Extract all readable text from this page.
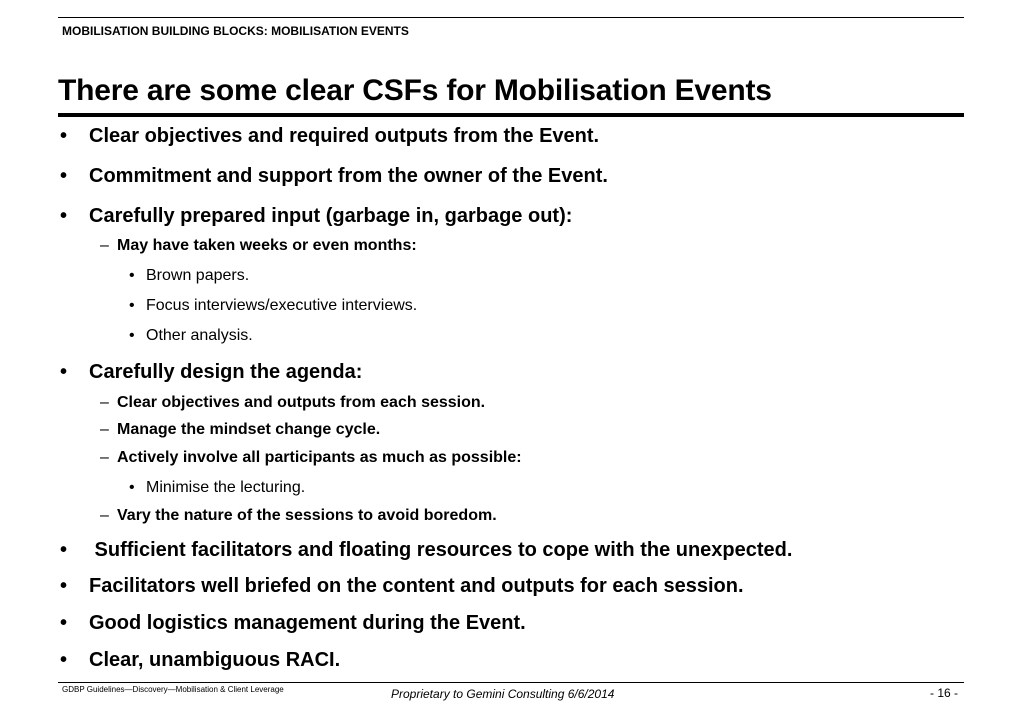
MOBILISATION BUILDING BLOCKS: MOBILISATION EVENTS
There are some clear CSFs for Mobilisation Events
• Clear objectives and required outputs from the Event.
• Commitment and support from the owner of the Event.
• Carefully prepared input (garbage in, garbage out):
– May have taken weeks or even months:
• Brown papers.
• Focus interviews/executive interviews.
• Other analysis.
• Carefully design the agenda:
– Clear objectives and outputs from each session.
– Manage the mindset change cycle.
– Actively involve all participants as much as possible:
• Minimise the lecturing.
– Vary the nature of the sessions to avoid boredom.
• Sufficient facilitators and floating resources to cope with the unexpected.
• Facilitators well briefed on the content and outputs for each session.
• Good logistics management during the Event.
• Clear, unambiguous RACI.
GDBP Guidelines—Discovery—Mobilisation & Client Leverage	Proprietary to Gemini Consulting 6/6/2014	- 16 -
